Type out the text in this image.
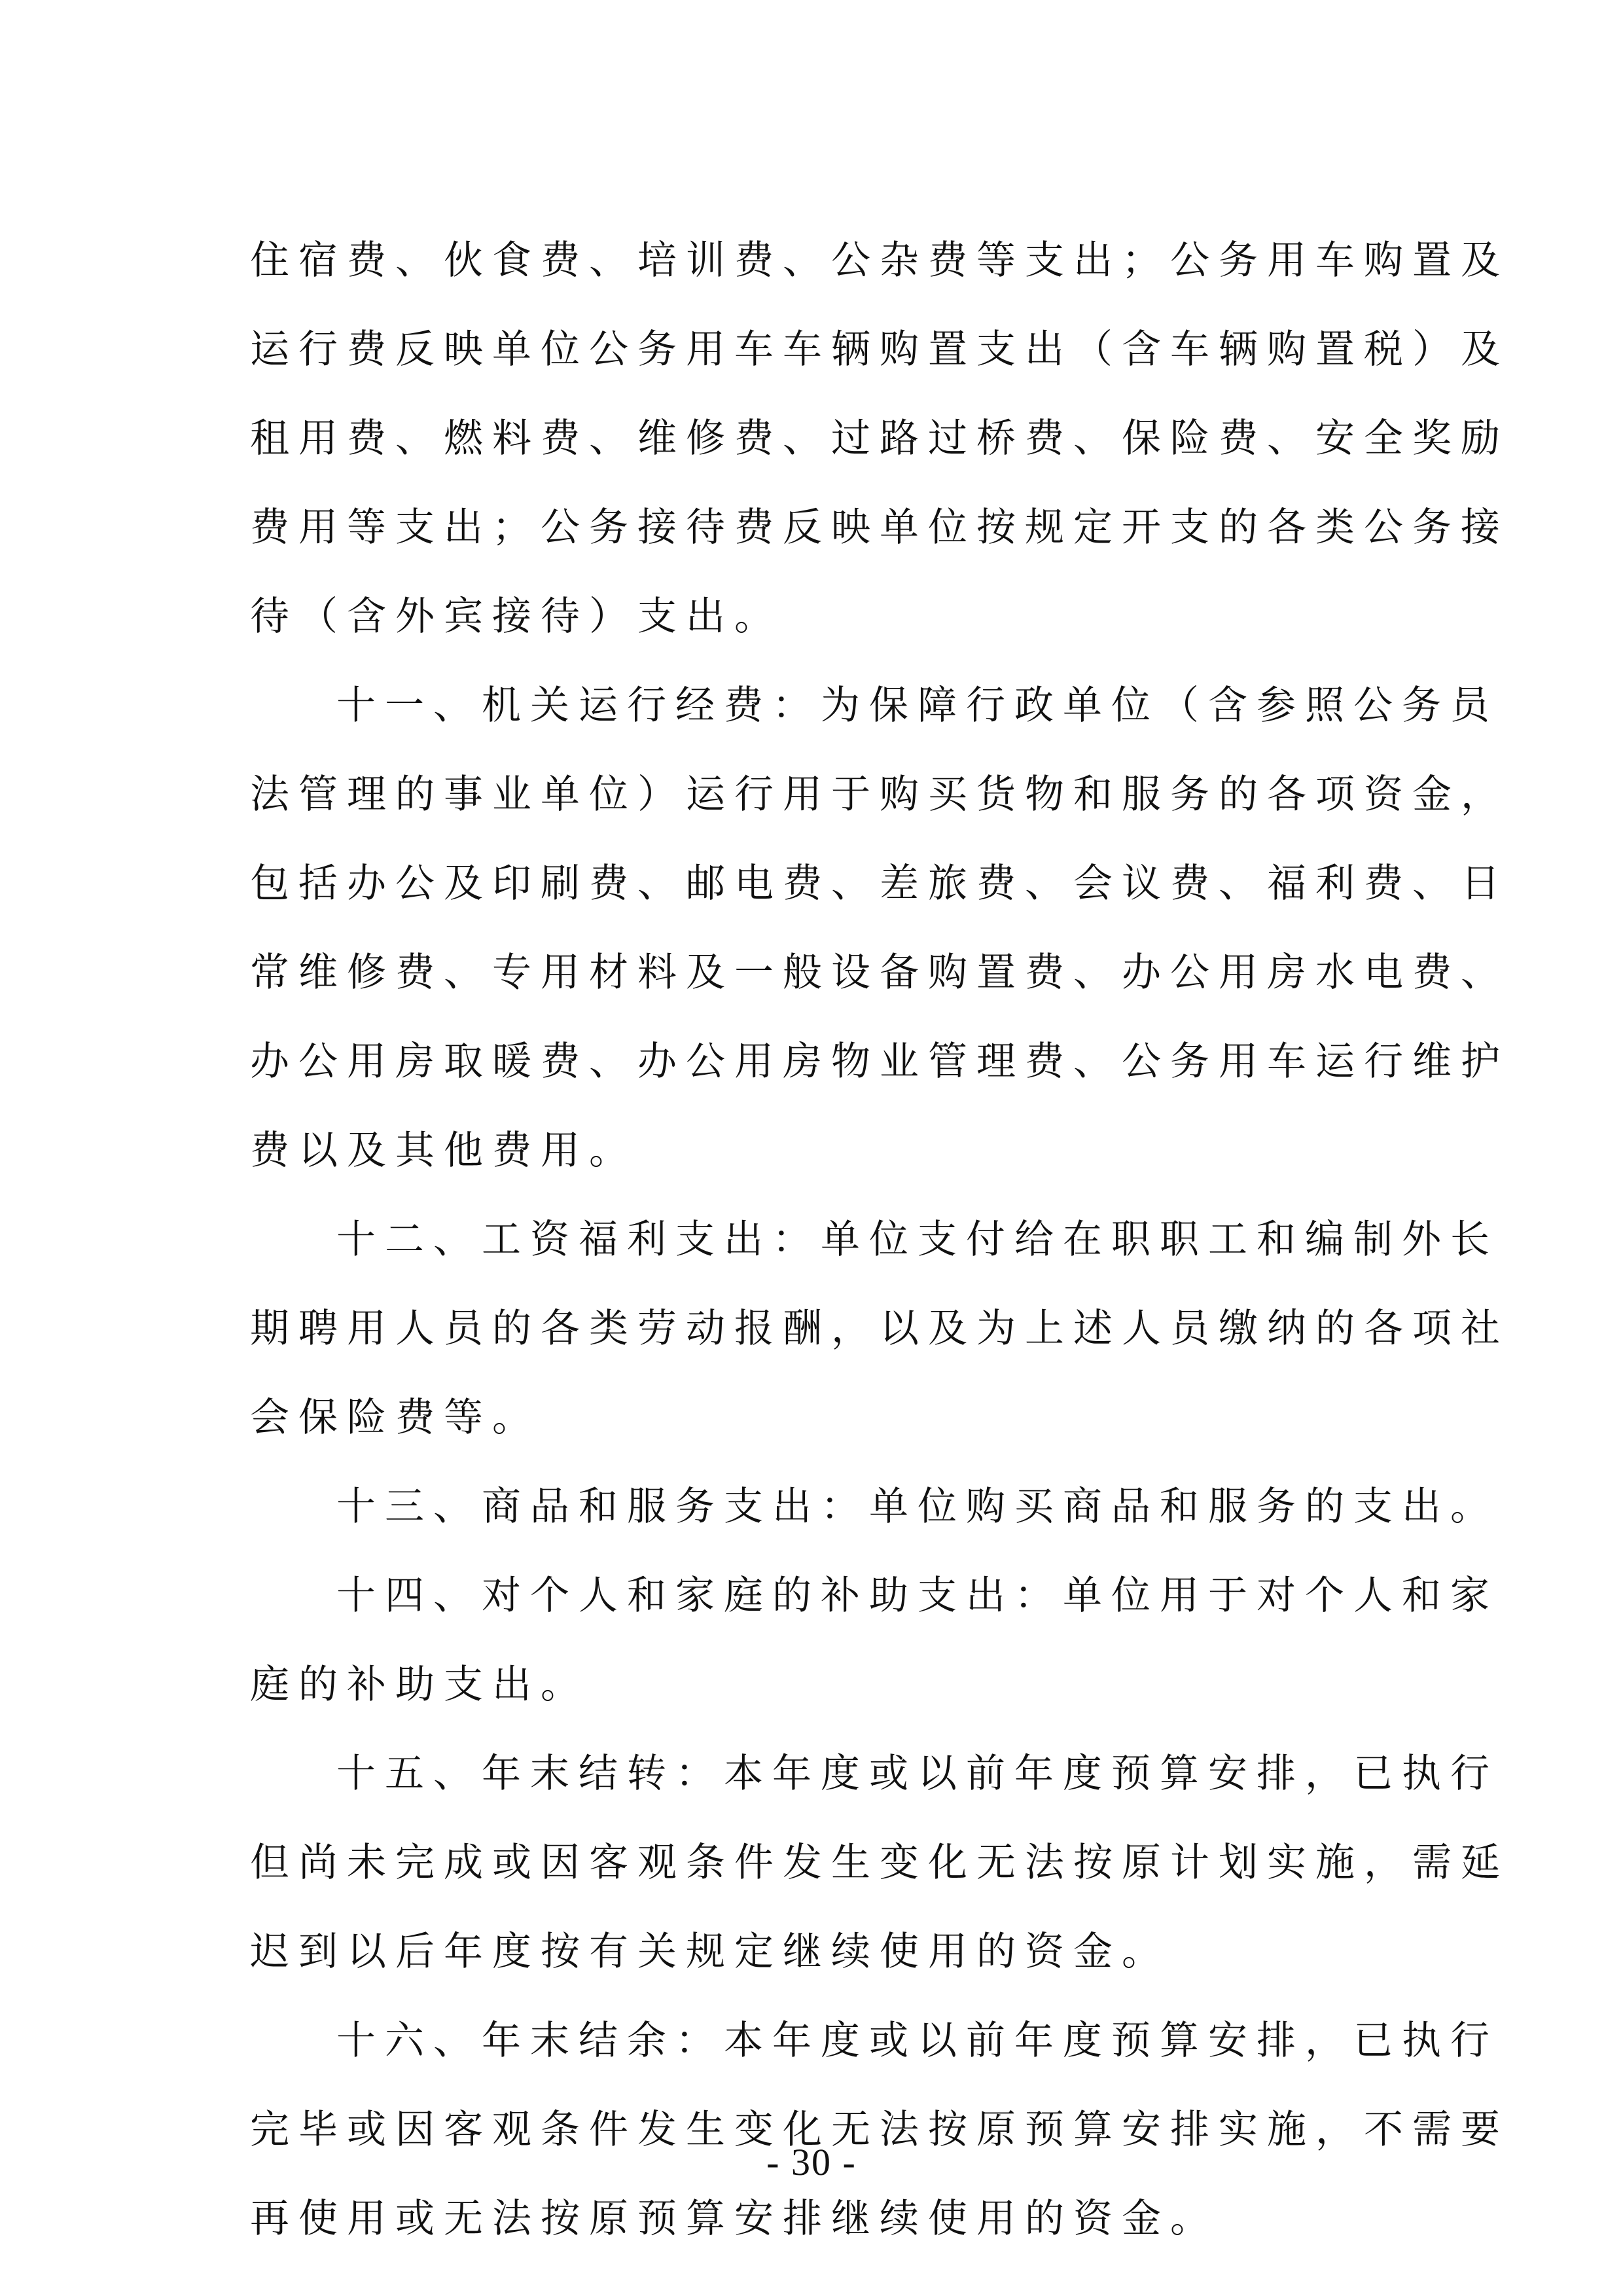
住宿费、伙食费、培训费、公杂费等支出；公务用车购置及
运行费反映单位公务用车车辆购置支出（含车辆购置税）及
租用费、燃料费、维修费、过路过桥费、保险费、安全奖励
费用等支出；公务接待费反映单位按规定开支的各类公务接
待（含外宾接待）支出。

十一、机关运行经费：为保障行政单位（含参照公务员
法管理的事业单位）运行用于购买货物和服务的各项资金，
包括办公及印刷费、邮电费、差旅费、会议费、福利费、日
常维修费、专用材料及一般设备购置费、办公用房水电费、
办公用房取暖费、办公用房物业管理费、公务用车运行维护
费以及其他费用。

十二、工资福利支出：单位支付给在职职工和编制外长
期聘用人员的各类劳动报酬，以及为上述人员缴纳的各项社
会保险费等。

十三、商品和服务支出：单位购买商品和服务的支出。

十四、对个人和家庭的补助支出：单位用于对个人和家
庭的补助支出。

十五、年末结转：本年度或以前年度预算安排，已执行
但尚未完成或因客观条件发生变化无法按原计划实施，需延
迟到以后年度按有关规定继续使用的资金。

十六、年末结余：本年度或以前年度预算安排，已执行
完毕或因客观条件发生变化无法按原预算安排实施，不需要
再使用或无法按原预算安排继续使用的资金。

- 30 -
